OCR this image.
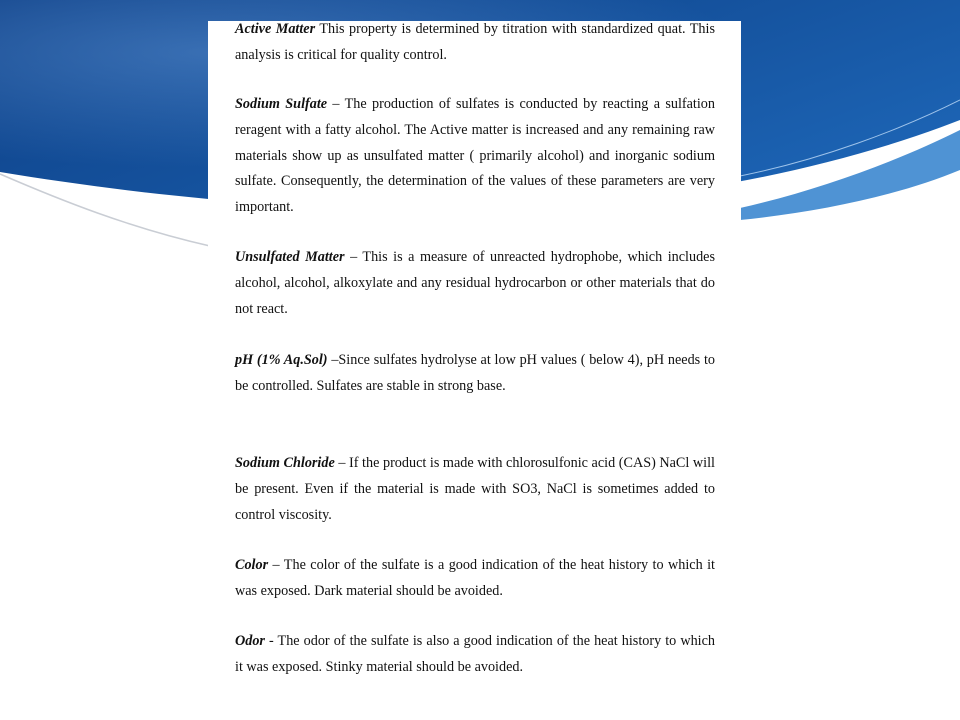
Active Matter This property is determined by titration with standardized quat. This analysis is critical for quality control.

Sodium Sulfate – The production of sulfates is conducted by reacting a sulfation reragent with a fatty alcohol. The Active matter is increased and any remaining raw materials show up as unsulfated matter ( primarily alcohol) and inorganic sodium sulfate. Consequently, the determination of the values of these parameters are very important.

Unsulfated Matter – This is a measure of unreacted hydrophobe, which includes alcohol, alcohol, alkoxylate and any residual hydrocarbon or other materials that do not react.

pH (1% Aq.Sol) –Since sulfates hydrolyse at low pH values ( below 4), pH needs to be controlled. Sulfates are stable in strong base.

Sodium Chloride – If the product is made with chlorosulfonic acid (CAS) NaCl will be present. Even if the material is made with SO3, NaCl is sometimes added to control viscosity.

Color – The color of the sulfate is a good indication of the heat history to which it was exposed. Dark material should be avoided.

Odor - The odor of the sulfate is also a good indication of the heat history to which it was exposed. Stinky material should be avoided.
